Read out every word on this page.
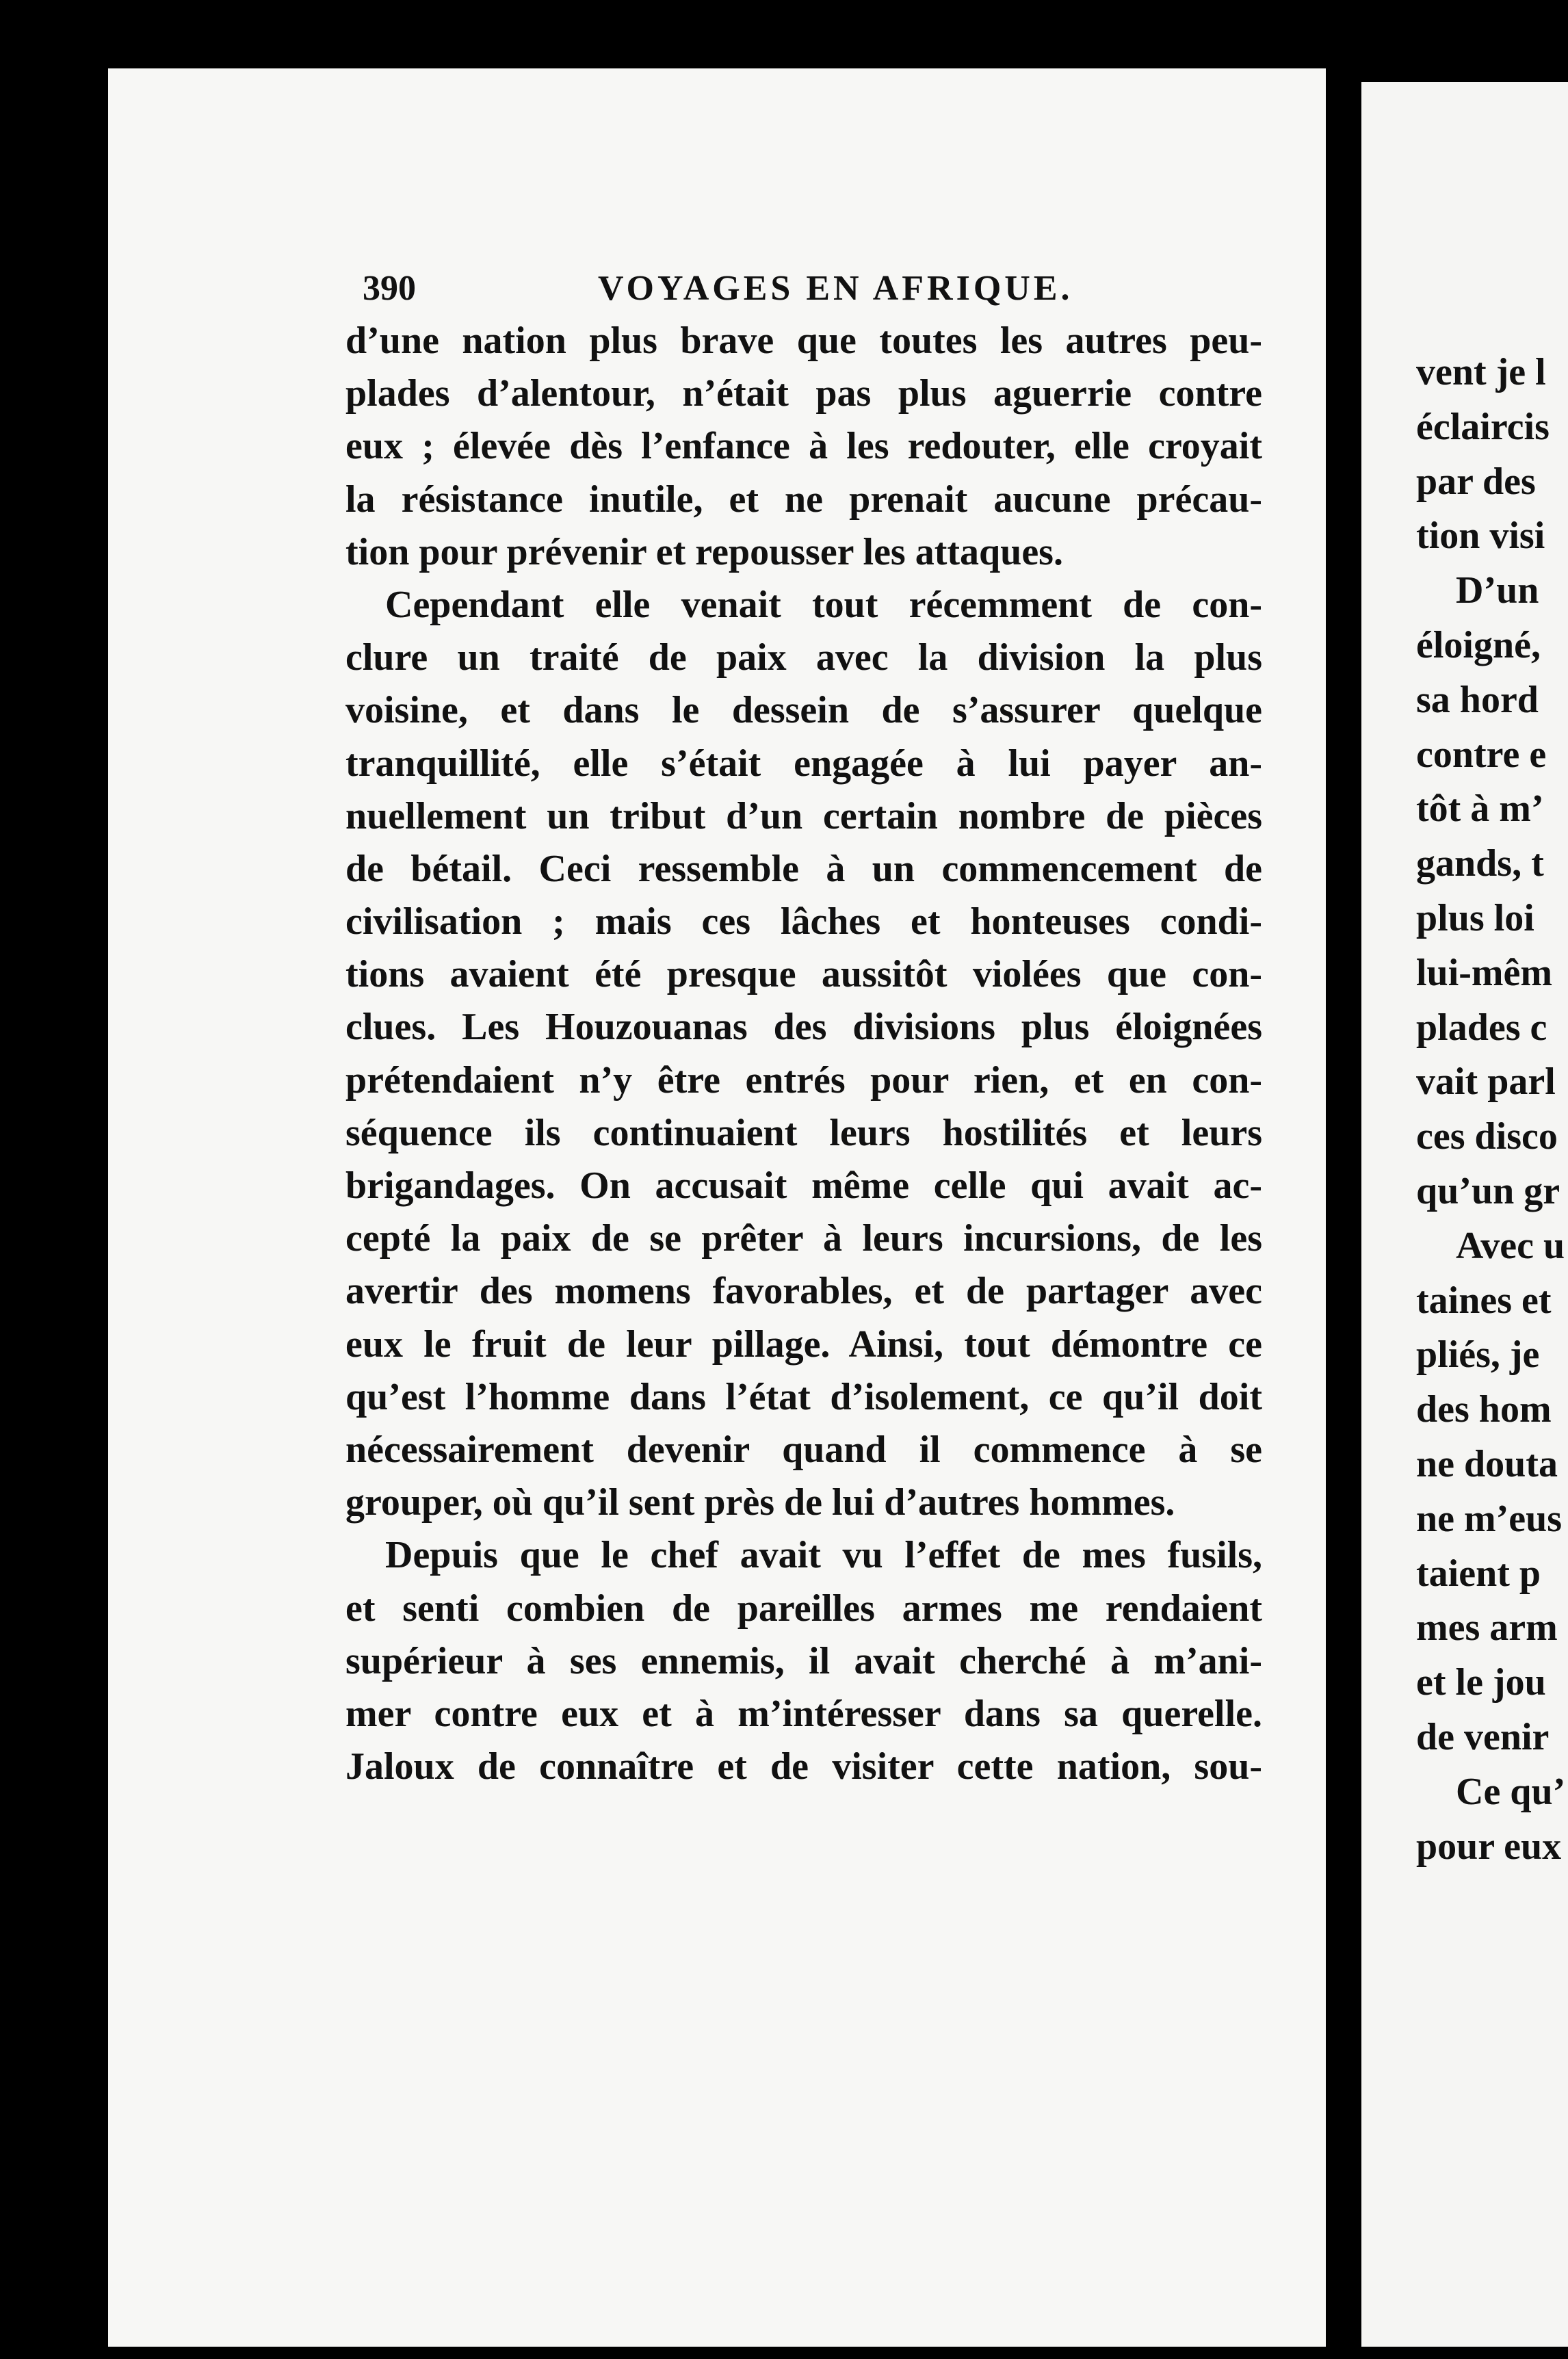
390	VOYAGES EN AFRIQUE.
d’une nation plus brave que toutes les autres peu-
plades d’alentour, n’était pas plus aguerrie contre
eux ; élevée dès l’enfance à les redouter, elle croyait
la résistance inutile, et ne prenait aucune précau-
tion pour prévenir et repousser les attaques.
Cependant elle venait tout récemment de con-
clure un traité de paix avec la division la plus
voisine, et dans le dessein de s’assurer quelque
tranquillité, elle s’était engagée à lui payer an-
nuellement un tribut d’un certain nombre de pièces
de bétail. Ceci ressemble à un commencement de
civilisation ; mais ces lâches et honteuses condi-
tions avaient été presque aussitôt violées que con-
clues. Les Houzouanas des divisions plus éloignées
prétendaient n’y être entrés pour rien, et en con-
séquence ils continuaient leurs hostilités et leurs
brigandages. On accusait même celle qui avait ac-
cepté la paix de se prêter à leurs incursions, de les
avertir des momens favorables, et de partager avec
eux le fruit de leur pillage. Ainsi, tout démontre ce
qu’est l’homme dans l’état d’isolement, ce qu’il doit
nécessairement devenir quand il commence à se
grouper, où qu’il sent près de lui d’autres hommes.
Depuis que le chef avait vu l’effet de mes fusils,
et senti combien de pareilles armes me rendaient
supérieur à ses ennemis, il avait cherché à m’ani-
mer contre eux et à m’intéresser dans sa querelle.
Jaloux de connaître et de visiter cette nation, sou-
vent je l
éclaircis
par des
tion visi
D’un
éloigné,
sa hord
contre e
tôt à m’
gands, t
plus loi
lui-mêm
plades c
vait parl
ces disco
qu’un gr
Avec u
taines et
pliés, je
des hom
ne douta
ne m’eus
taient p
mes arm
et le jou
de venir
Ce qu’
pour eux
